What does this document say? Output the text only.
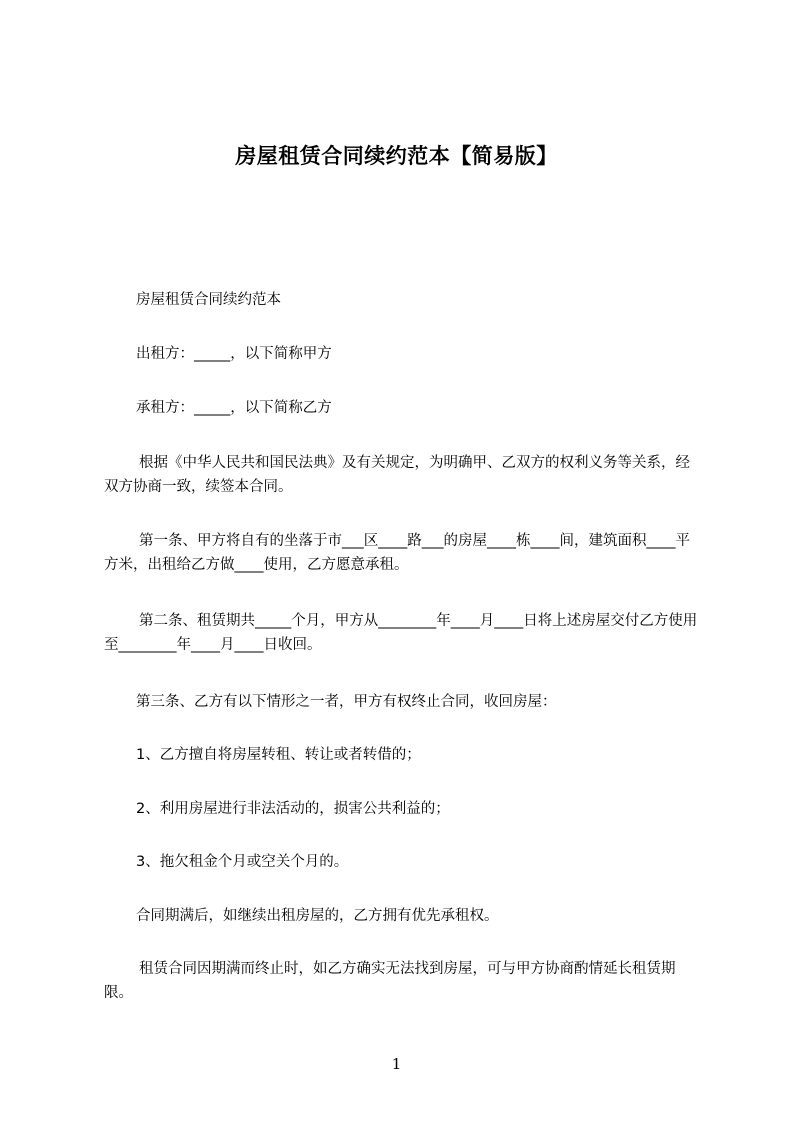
房屋租赁合同续约范本【简易版】
房屋租赁合同续约范本
出租方：_____，以下简称甲方
承租方：_____，以下简称乙方
根据《中华人民共和国民法典》及有关规定，为明确甲、乙双方的权利义务等关系，经双方协商一致，续签本合同。
第一条、甲方将自有的坐落于市___区____路___的房屋____栋____间，建筑面积____平方米，出租给乙方做____使用，乙方愿意承租。
第二条、租赁期共_____个月，甲方从________年____月____日将上述房屋交付乙方使用至________年____月____日收回。
第三条、乙方有以下情形之一者，甲方有权终止合同，收回房屋：
1、乙方擅自将房屋转租、转让或者转借的；
2、利用房屋进行非法活动的，损害公共利益的；
3、拖欠租金个月或空关个月的。
合同期满后，如继续出租房屋的，乙方拥有优先承租权。
租赁合同因期满而终止时，如乙方确实无法找到房屋，可与甲方协商酌情延长租赁期限。
1
